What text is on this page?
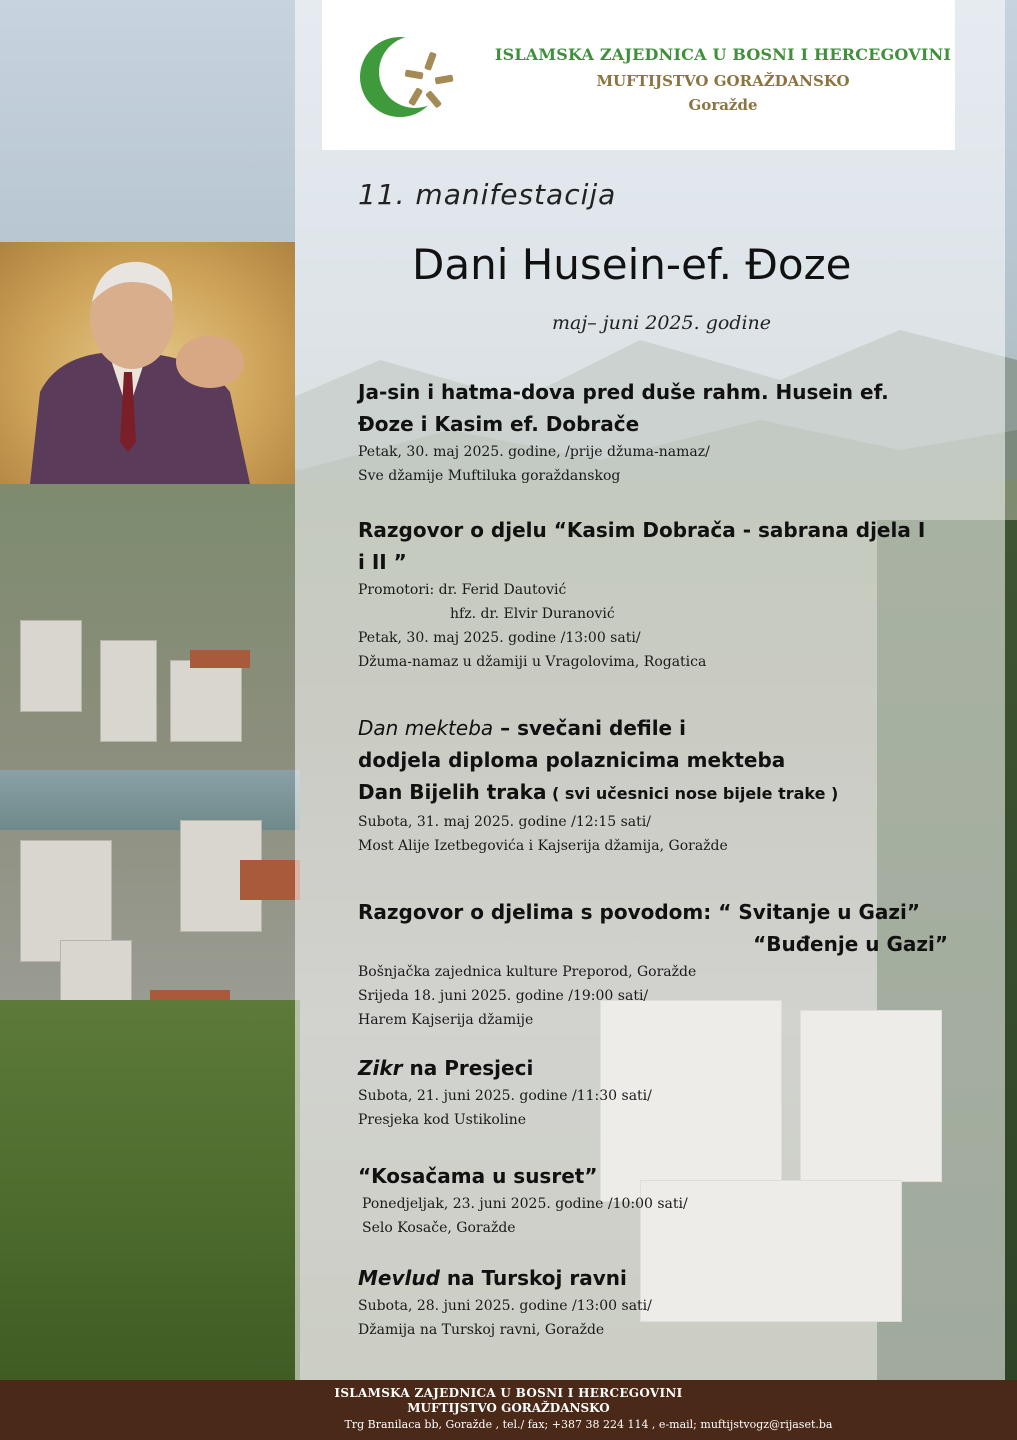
ISLAMSKA ZAJEDNICA U BOSNI I HERCEGOVINI
MUFTIJSTVO GORAŽDANSKO
Goražde
11. manifestacija
Dani Husein-ef. Đoze
maj– juni 2025. godine
Ja-sin i hatma-dova pred duše rahm. Husein ef.
Đoze i Kasim ef. Dobrače
Petak, 30. maj 2025. godine, /prije džuma-namaz/
Sve džamije Muftiluka goraždanskog
Razgovor o djelu “Kasim Dobrača - sabrana djela I
i II ”
Promotori: dr. Ferid Dautović
hfz. dr. Elvir Duranović
Petak, 30. maj 2025. godine /13:00 sati/
Džuma-namaz u džamiji u Vragolovima, Rogatica
Dan mekteba – svečani defile i
dodjela diploma polaznicima mekteba
Dan Bijelih traka ( svi učesnici nose bijele trake )
Subota, 31. maj 2025. godine /12:15 sati/
Most Alije Izetbegovića i Kajserija džamija, Goražde
Razgovor o djelima s povodom: “ Svitanje u Gazi”
“Buđenje u Gazi”
Bošnjačka zajednica kulture Preporod, Goražde
Srijeda 18. juni 2025. godine /19:00 sati/
Harem Kajserija džamije
Zikr na Presjeci
Subota, 21. juni 2025. godine /11:30 sati/
Presjeka kod Ustikoline
“Kosačama u susret”
Ponedjeljak, 23. juni 2025. godine /10:00 sati/
Selo Kosače, Goražde
Mevlud na Turskoj ravni
Subota, 28. juni 2025. godine /13:00 sati/
Džamija na Turskoj ravni, Goražde
ISLAMSKA ZAJEDNICA U BOSNI I HERCEGOVINI
MUFTIJSTVO GORAŽDANSKO
Trg Branilaca bb, Goražde , tel./ fax; +387 38 224 114 , e-mail; muftijstvogz@rijaset.ba
